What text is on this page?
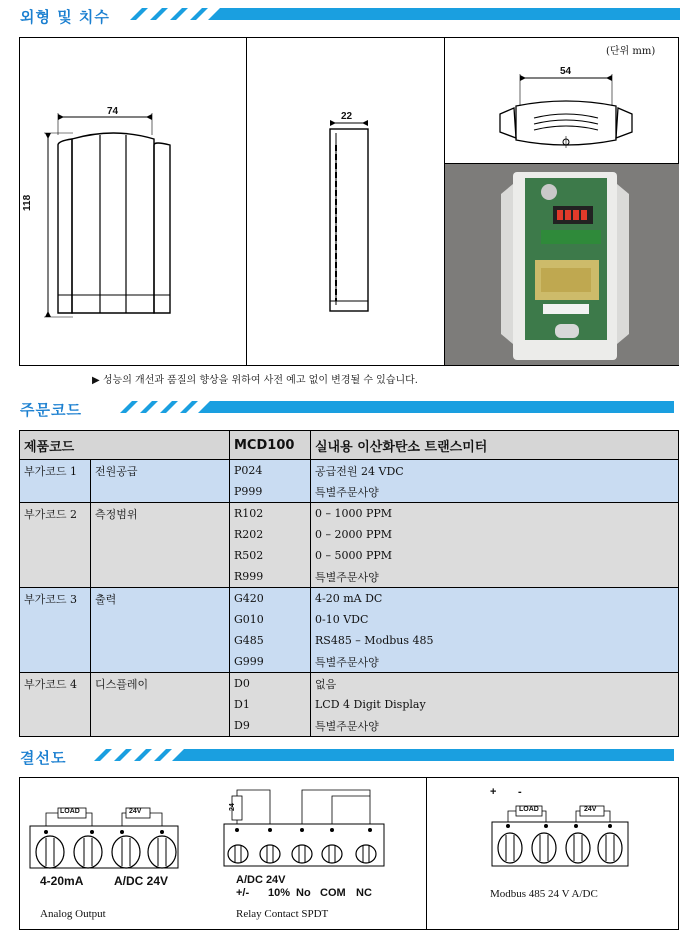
외형 및 치수
74
118
22
(단위 mm)
54
▶ 성능의 개선과 품질의 향상을 위하여 사전 예고 없이 변경될 수 있습니다.
주문코드
제품코드		MCD100	실내용 이산화탄소 트랜스미터
부가코드 1	전원공급	P024	공급전원 24 VDC
		P999	특별주문사양
부가코드 2	측정범위	R102	0 – 1000 PPM
		R202	0 – 2000 PPM
		R502	0 – 5000 PPM
		R999	특별주문사양
부가코드 3	출력	G420	4-20 mA DC
		G010	0-10 VDC
		G485	RS485 – Modbus 485
		G999	특별주문사양
부가코드 4	디스플레이	D0	없음
		D1	LCD 4 Digit Display
		D9	특별주문사양
결선도
LOAD	24V
4-20mA	A/DC 24V
Analog Output
24
A/DC 24V
+/- 10% No COM NC
Relay Contact SPDT
LOAD	24V
+ -
Modbus 485 24 V A/DC
